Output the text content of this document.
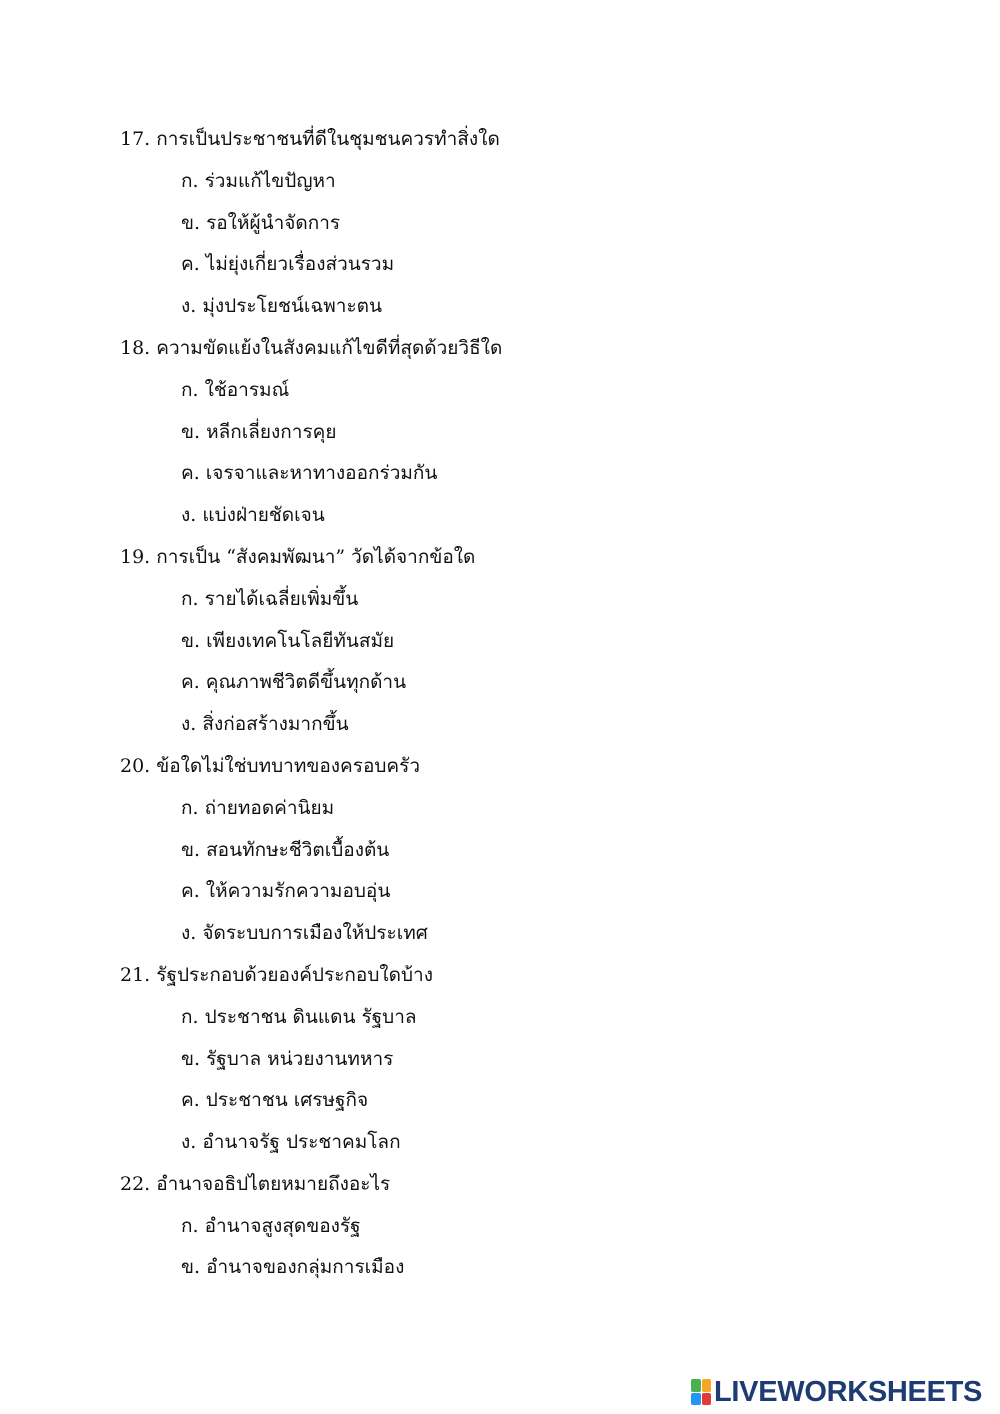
17. การเป็นประชาชนที่ดีในชุมชนควรทำสิ่งใด
ก. ร่วมแก้ไขปัญหา
ข. รอให้ผู้นำจัดการ
ค. ไม่ยุ่งเกี่ยวเรื่องส่วนรวม
ง. มุ่งประโยชน์เฉพาะตน
18. ความขัดแย้งในสังคมแก้ไขดีที่สุดด้วยวิธีใด
ก. ใช้อารมณ์
ข. หลีกเลี่ยงการคุย
ค. เจรจาและหาทางออกร่วมกัน
ง. แบ่งฝ่ายชัดเจน
19. การเป็น “สังคมพัฒนา” วัดได้จากข้อใด
ก. รายได้เฉลี่ยเพิ่มขึ้น
ข. เพียงเทคโนโลยีทันสมัย
ค. คุณภาพชีวิตดีขึ้นทุกด้าน
ง. สิ่งก่อสร้างมากขึ้น
20. ข้อใดไม่ใช่บทบาทของครอบครัว
ก. ถ่ายทอดค่านิยม
ข. สอนทักษะชีวิตเบื้องต้น
ค. ให้ความรักความอบอุ่น
ง. จัดระบบการเมืองให้ประเทศ
21. รัฐประกอบด้วยองค์ประกอบใดบ้าง
ก. ประชาชน ดินแดน รัฐบาล
ข. รัฐบาล หน่วยงานทหาร
ค. ประชาชน เศรษฐกิจ
ง. อำนาจรัฐ ประชาคมโลก
22. อำนาจอธิปไตยหมายถึงอะไร
ก. อำนาจสูงสุดของรัฐ
ข. อำนาจของกลุ่มการเมือง
LIVEWORKSHEETS
